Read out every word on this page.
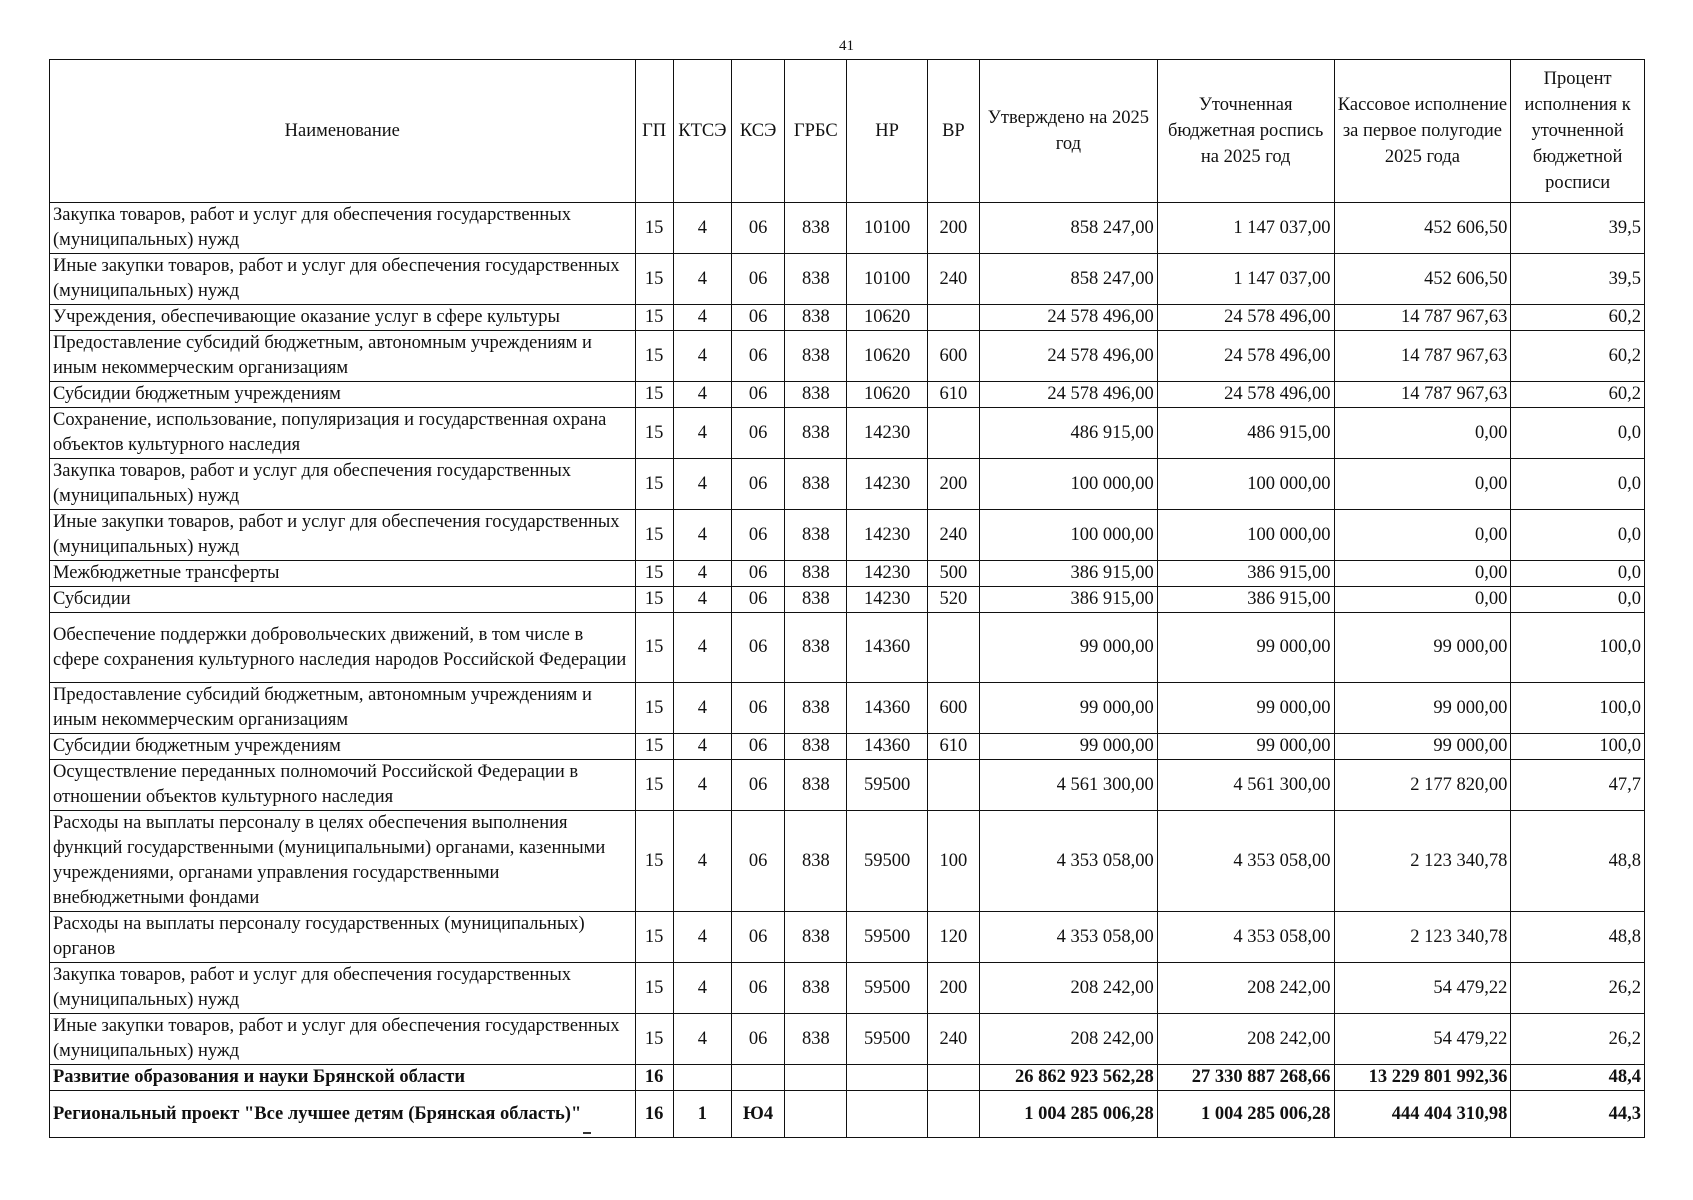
41
Наименование	ГП	КТСЭ	КСЭ	ГРБС	НР	ВР	Утверждено на 2025 год	Уточненная бюджетная роспись на 2025 год	Кассовое исполнение за первое полугодие 2025 года	Процент исполнения к уточненной бюджетной росписи
Закупка товаров, работ и услуг для обеспечения государственных (муниципальных) нужд	15	4	06	838	10100	200	858 247,00	1 147 037,00	452 606,50	39,5
Иные закупки товаров, работ и услуг для обеспечения государственных (муниципальных) нужд	15	4	06	838	10100	240	858 247,00	1 147 037,00	452 606,50	39,5
Учреждения, обеспечивающие оказание услуг в сфере культуры	15	4	06	838	10620		24 578 496,00	24 578 496,00	14 787 967,63	60,2
Предоставление субсидий бюджетным, автономным учреждениям и иным некоммерческим организациям	15	4	06	838	10620	600	24 578 496,00	24 578 496,00	14 787 967,63	60,2
Субсидии бюджетным учреждениям	15	4	06	838	10620	610	24 578 496,00	24 578 496,00	14 787 967,63	60,2
Сохранение, использование, популяризация и государственная охрана объектов культурного наследия	15	4	06	838	14230		486 915,00	486 915,00	0,00	0,0
Закупка товаров, работ и услуг для обеспечения государственных (муниципальных) нужд	15	4	06	838	14230	200	100 000,00	100 000,00	0,00	0,0
Иные закупки товаров, работ и услуг для обеспечения государственных (муниципальных) нужд	15	4	06	838	14230	240	100 000,00	100 000,00	0,00	0,0
Межбюджетные трансферты	15	4	06	838	14230	500	386 915,00	386 915,00	0,00	0,0
Субсидии	15	4	06	838	14230	520	386 915,00	386 915,00	0,00	0,0
Обеспечение поддержки добровольческих движений, в том числе в сфере сохранения культурного наследия народов Российской Федерации	15	4	06	838	14360		99 000,00	99 000,00	99 000,00	100,0
Предоставление субсидий бюджетным, автономным учреждениям и иным некоммерческим организациям	15	4	06	838	14360	600	99 000,00	99 000,00	99 000,00	100,0
Субсидии бюджетным учреждениям	15	4	06	838	14360	610	99 000,00	99 000,00	99 000,00	100,0
Осуществление переданных полномочий Российской Федерации в отношении объектов культурного наследия	15	4	06	838	59500		4 561 300,00	4 561 300,00	2 177 820,00	47,7
Расходы на выплаты персоналу в целях обеспечения выполнения функций государственными (муниципальными) органами, казенными учреждениями, органами управления государственными внебюджетными фондами	15	4	06	838	59500	100	4 353 058,00	4 353 058,00	2 123 340,78	48,8
Расходы на выплаты персоналу государственных (муниципальных) органов	15	4	06	838	59500	120	4 353 058,00	4 353 058,00	2 123 340,78	48,8
Закупка товаров, работ и услуг для обеспечения государственных (муниципальных) нужд	15	4	06	838	59500	200	208 242,00	208 242,00	54 479,22	26,2
Иные закупки товаров, работ и услуг для обеспечения государственных (муниципальных) нужд	15	4	06	838	59500	240	208 242,00	208 242,00	54 479,22	26,2
Развитие образования и науки Брянской области	16						26 862 923 562,28	27 330 887 268,66	13 229 801 992,36	48,4
Региональный проект "Все лучшее детям (Брянская область)"	16	1	Ю4				1 004 285 006,28	1 004 285 006,28	444 404 310,98	44,3
